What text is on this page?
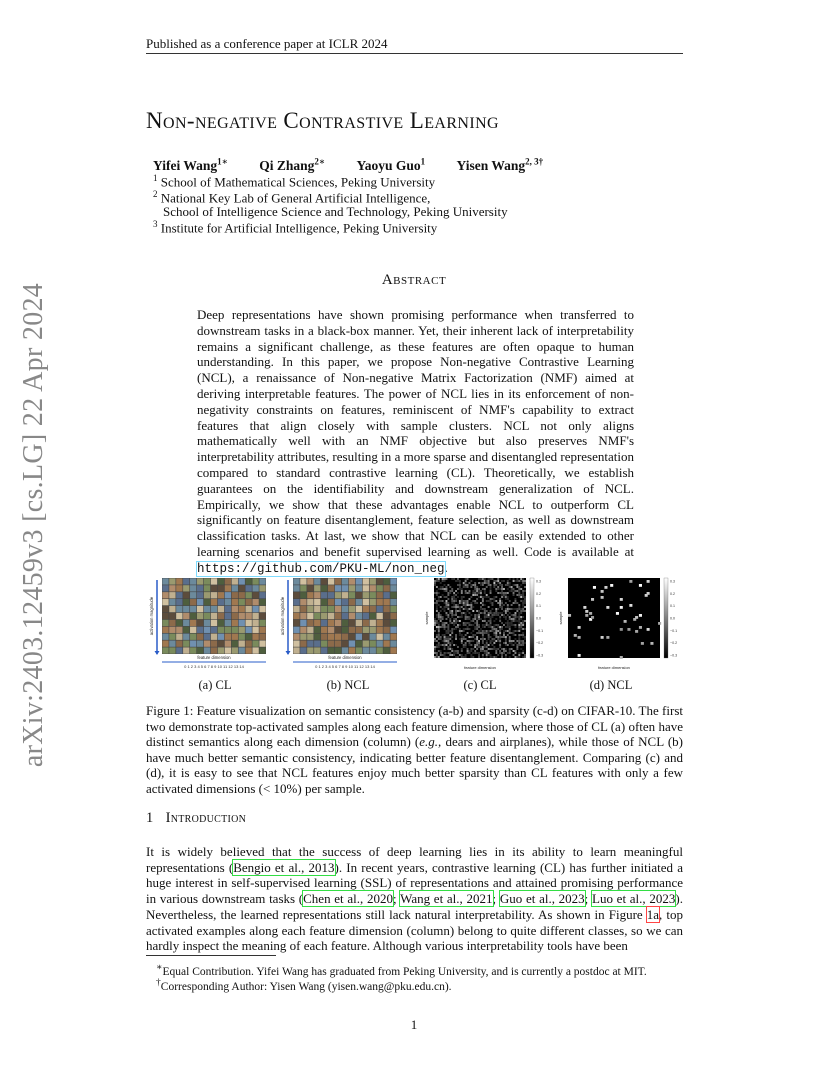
Published as a conference paper at ICLR 2024
arXiv:2403.12459v3 [cs.LG] 22 Apr 2024
Non-negative Contrastive Learning
Yifei Wang$^{1∗}$ Qi Zhang$^{2∗}$ Yaoyu Guo$^1$ Yisen Wang$^{2, 3\dagger}$
$^1$ School of Mathematical Sciences, Peking University
$^2$ National Key Lab of General Artificial Intelligence,
School of Intelligence Science and Technology, Peking University
$^3$ Institute for Artificial Intelligence, Peking University
Abstract
Deep representations have shown promising performance when transferred to downstream tasks in a black-box manner. Yet, their inherent lack of interpretability remains a significant challenge, as these features are often opaque to human understanding. In this paper, we propose Non-negative Contrastive Learning (NCL), a renaissance of Non-negative Matrix Factorization (NMF) aimed at deriving interpretable features. The power of NCL lies in its enforcement of non-negativity constraints on features, reminiscent of NMF's capability to extract features that align closely with sample clusters. NCL not only aligns mathematically well with an NMF objective but also preserves NMF's interpretability attributes, resulting in a more sparse and disentangled representation compared to standard contrastive learning (CL). Theoretically, we establish guarantees on the identifiability and downstream generalization of NCL. Empirically, we show that these advantages enable NCL to outperform CL significantly on feature disentanglement, feature selection, as well as downstream classification tasks. At last, we show that NCL can be easily extended to other learning scenarios and benefit supervised learning as well. Code is available at https://github.com/PKU-ML/non_neg.
activation magnitude
feature dimension
0 1 2 3 4 5 6 7 8 9 10 11 12 13 14
activation magnitude
feature dimension
0 1 2 3 4 5 6 7 8 9 10 11 12 13 14
sample
feature dimension
0.3
0.2
0.1
0.0
−0.1
−0.2
−0.3
sample
feature dimension
0.3
0.2
0.1
0.0
−0.1
−0.2
−0.3
(a) CL	(b) NCL	(c) CL	(d) NCL
Figure 1: Feature visualization on semantic consistency (a-b) and sparsity (c-d) on CIFAR-10. The first two demonstrate top-activated samples along each feature dimension, where those of CL (a) often have distinct semantics along each dimension (column) (e.g., dears and airplanes), while those of NCL (b) have much better semantic consistency, indicating better feature disentanglement. Comparing (c) and (d), it is easy to see that NCL features enjoy much better sparsity than CL features with only a few activated dimensions (< 10%) per sample.
1 Introduction
It is widely believed that the success of deep learning lies in its ability to learn meaningful representations (Bengio et al., 2013). In recent years, contrastive learning (CL) has further initiated a huge interest in self-supervised learning (SSL) of representations and attained promising performance in various downstream tasks (Chen et al., 2020; Wang et al., 2021; Guo et al., 2023; Luo et al., 2023). Nevertheless, the learned representations still lack natural interpretability. As shown in Figure 1a, top activated examples along each feature dimension (column) belong to quite different classes, so we can hardly inspect the meaning of each feature. Although various interpretability tools have been
∗Equal Contribution. Yifei Wang has graduated from Peking University, and is currently a postdoc at MIT.
†Corresponding Author: Yisen Wang (yisen.wang@pku.edu.cn).
1
